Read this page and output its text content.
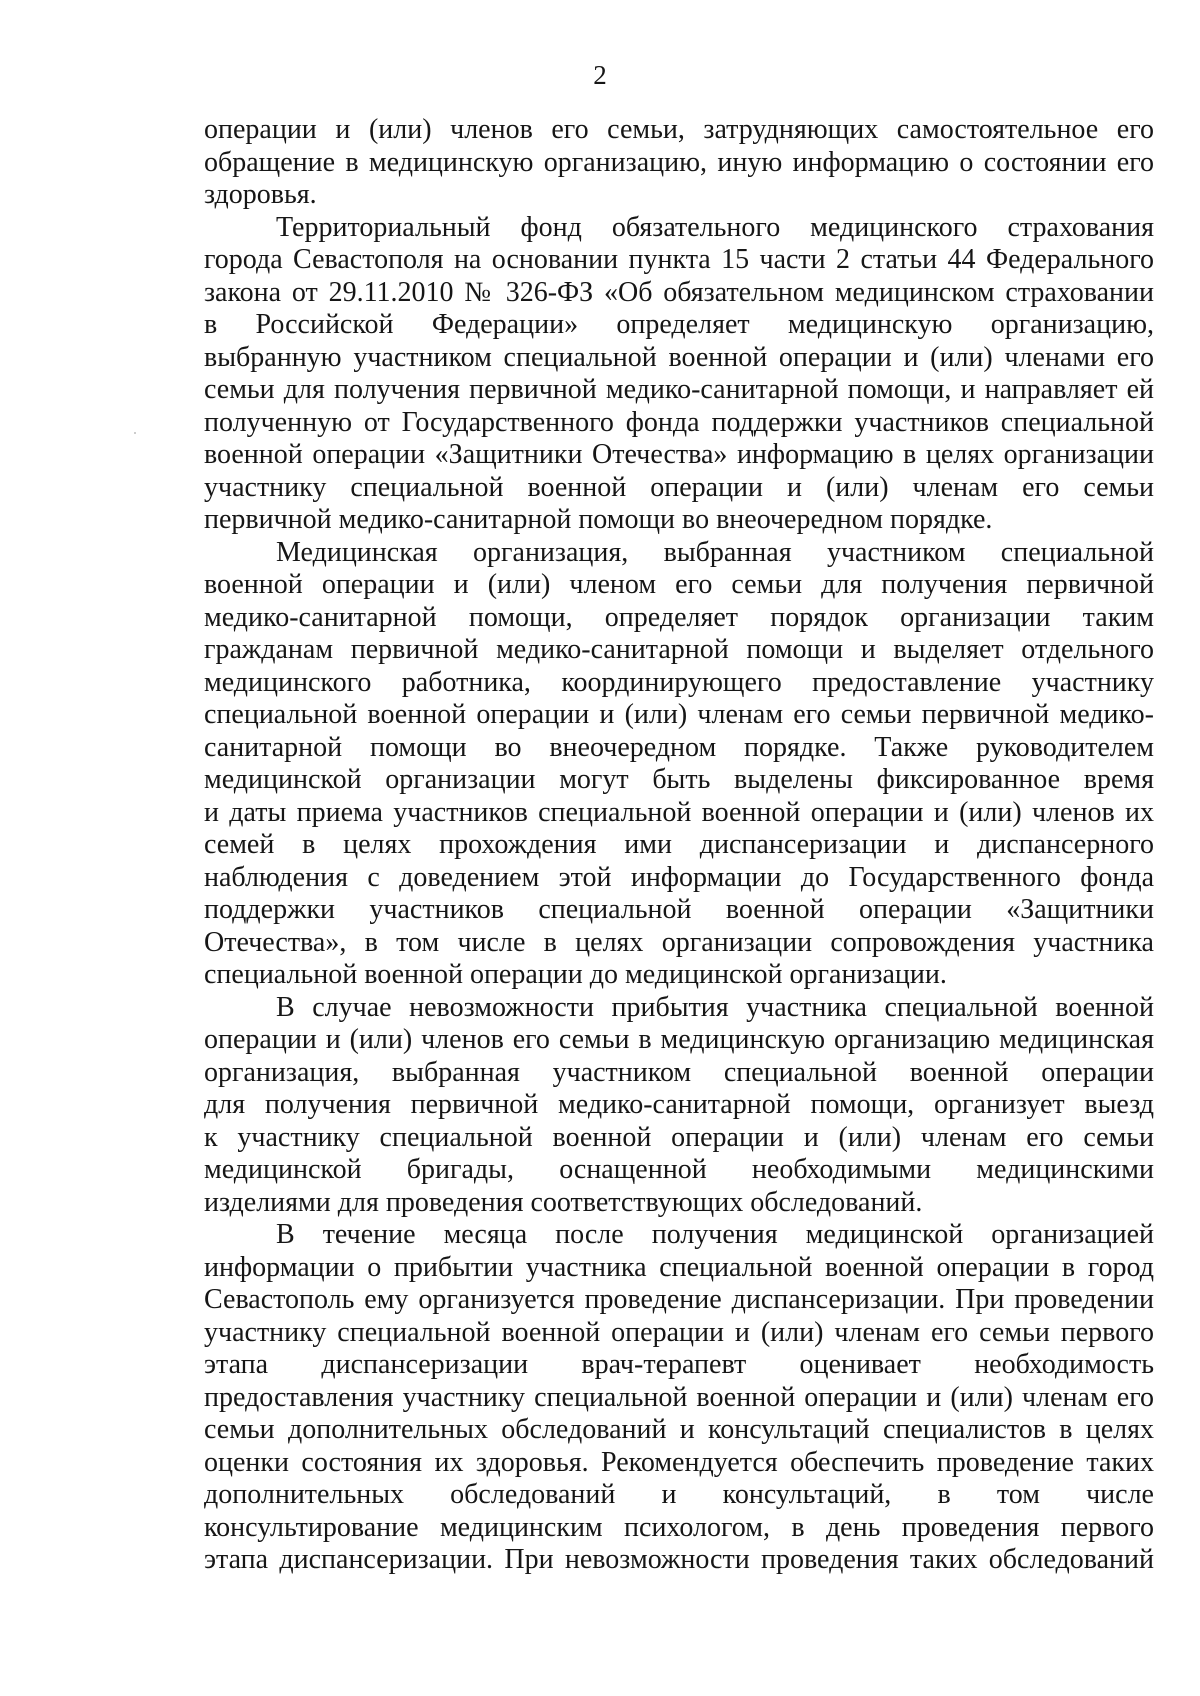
2
операции и (или) членов его семьи, затрудняющих самостоятельное его
обращение в медицинскую организацию, иную информацию о состоянии его
здоровья.
Территориальный фонд обязательного медицинского страхования
города Севастополя на основании пункта 15 части 2 статьи 44 Федерального
закона от 29.11.2010 № 326-ФЗ «Об обязательном медицинском страховании
в Российской Федерации» определяет медицинскую организацию,
выбранную участником специальной военной операции и (или) членами его
семьи для получения первичной медико-санитарной помощи, и направляет ей
полученную от Государственного фонда поддержки участников специальной
военной операции «Защитники Отечества» информацию в целях организации
участнику специальной военной операции и (или) членам его семьи
первичной медико-санитарной помощи во внеочередном порядке.
Медицинская организация, выбранная участником специальной
военной операции и (или) членом его семьи для получения первичной
медико-санитарной помощи, определяет порядок организации таким
гражданам первичной медико-санитарной помощи и выделяет отдельного
медицинского работника, координирующего предоставление участнику
специальной военной операции и (или) членам его семьи первичной медико-
санитарной помощи во внеочередном порядке. Также руководителем
медицинской организации могут быть выделены фиксированное время
и даты приема участников специальной военной операции и (или) членов их
семей в целях прохождения ими диспансеризации и диспансерного
наблюдения с доведением этой информации до Государственного фонда
поддержки участников специальной военной операции «Защитники
Отечества», в том числе в целях организации сопровождения участника
специальной военной операции до медицинской организации.
В случае невозможности прибытия участника специальной военной
операции и (или) членов его семьи в медицинскую организацию медицинская
организация, выбранная участником специальной военной операции
для получения первичной медико-санитарной помощи, организует выезд
к участнику специальной военной операции и (или) членам его семьи
медицинской бригады, оснащенной необходимыми медицинскими
изделиями для проведения соответствующих обследований.
В течение месяца после получения медицинской организацией
информации о прибытии участника специальной военной операции в город
Севастополь ему организуется проведение диспансеризации. При проведении
участнику специальной военной операции и (или) членам его семьи первого
этапа диспансеризации врач-терапевт оценивает необходимость
предоставления участнику специальной военной операции и (или) членам его
семьи дополнительных обследований и консультаций специалистов в целях
оценки состояния их здоровья. Рекомендуется обеспечить проведение таких
дополнительных обследований и консультаций, в том числе
консультирование медицинским психологом, в день проведения первого
этапа диспансеризации. При невозможности проведения таких обследований
